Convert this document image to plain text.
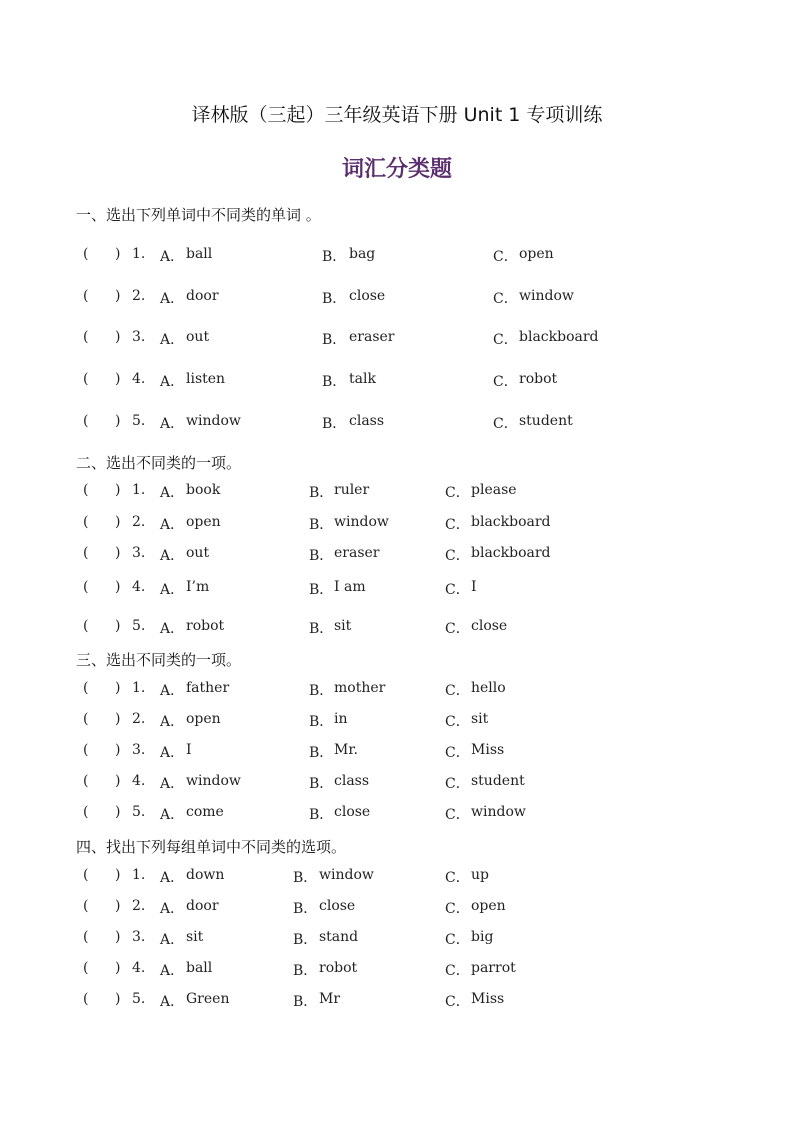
译林版（三起）三年级英语下册 Unit 1 专项训练
词汇分类题
一、选出下列单词中不同类的单词 。
( ) 1. A． ball	B． bag	C． open
( ) 2. A． door	B． close	C． window
( ) 3. A． out	B． eraser	C． blackboard
( ) 4. A． listen	B． talk	C． robot
( ) 5. A． window	B． class	C． student
二、选出不同类的一项。
( ) 1. A． book	B． ruler	C． please
( ) 2. A． open	B． window	C． blackboard
( ) 3. A． out	B． eraser	C． blackboard
( ) 4. A． I’m	B． I am	C． I
( ) 5. A． robot	B． sit	C． close
三、选出不同类的一项。
( ) 1. A． father	B． mother	C． hello
( ) 2. A． open	B． in	C． sit
( ) 3. A． I	B． Mr.	C． Miss
( ) 4. A． window	B． class	C． student
( ) 5. A． come	B． close	C． window
四、找出下列每组单词中不同类的选项。
( ) 1. A． down	B． window	C． up
( ) 2. A． door	B． close	C． open
( ) 3. A． sit	B． stand	C． big
( ) 4. A． ball	B． robot	C． parrot
( ) 5. A． Green	B． Mr	C． Miss
